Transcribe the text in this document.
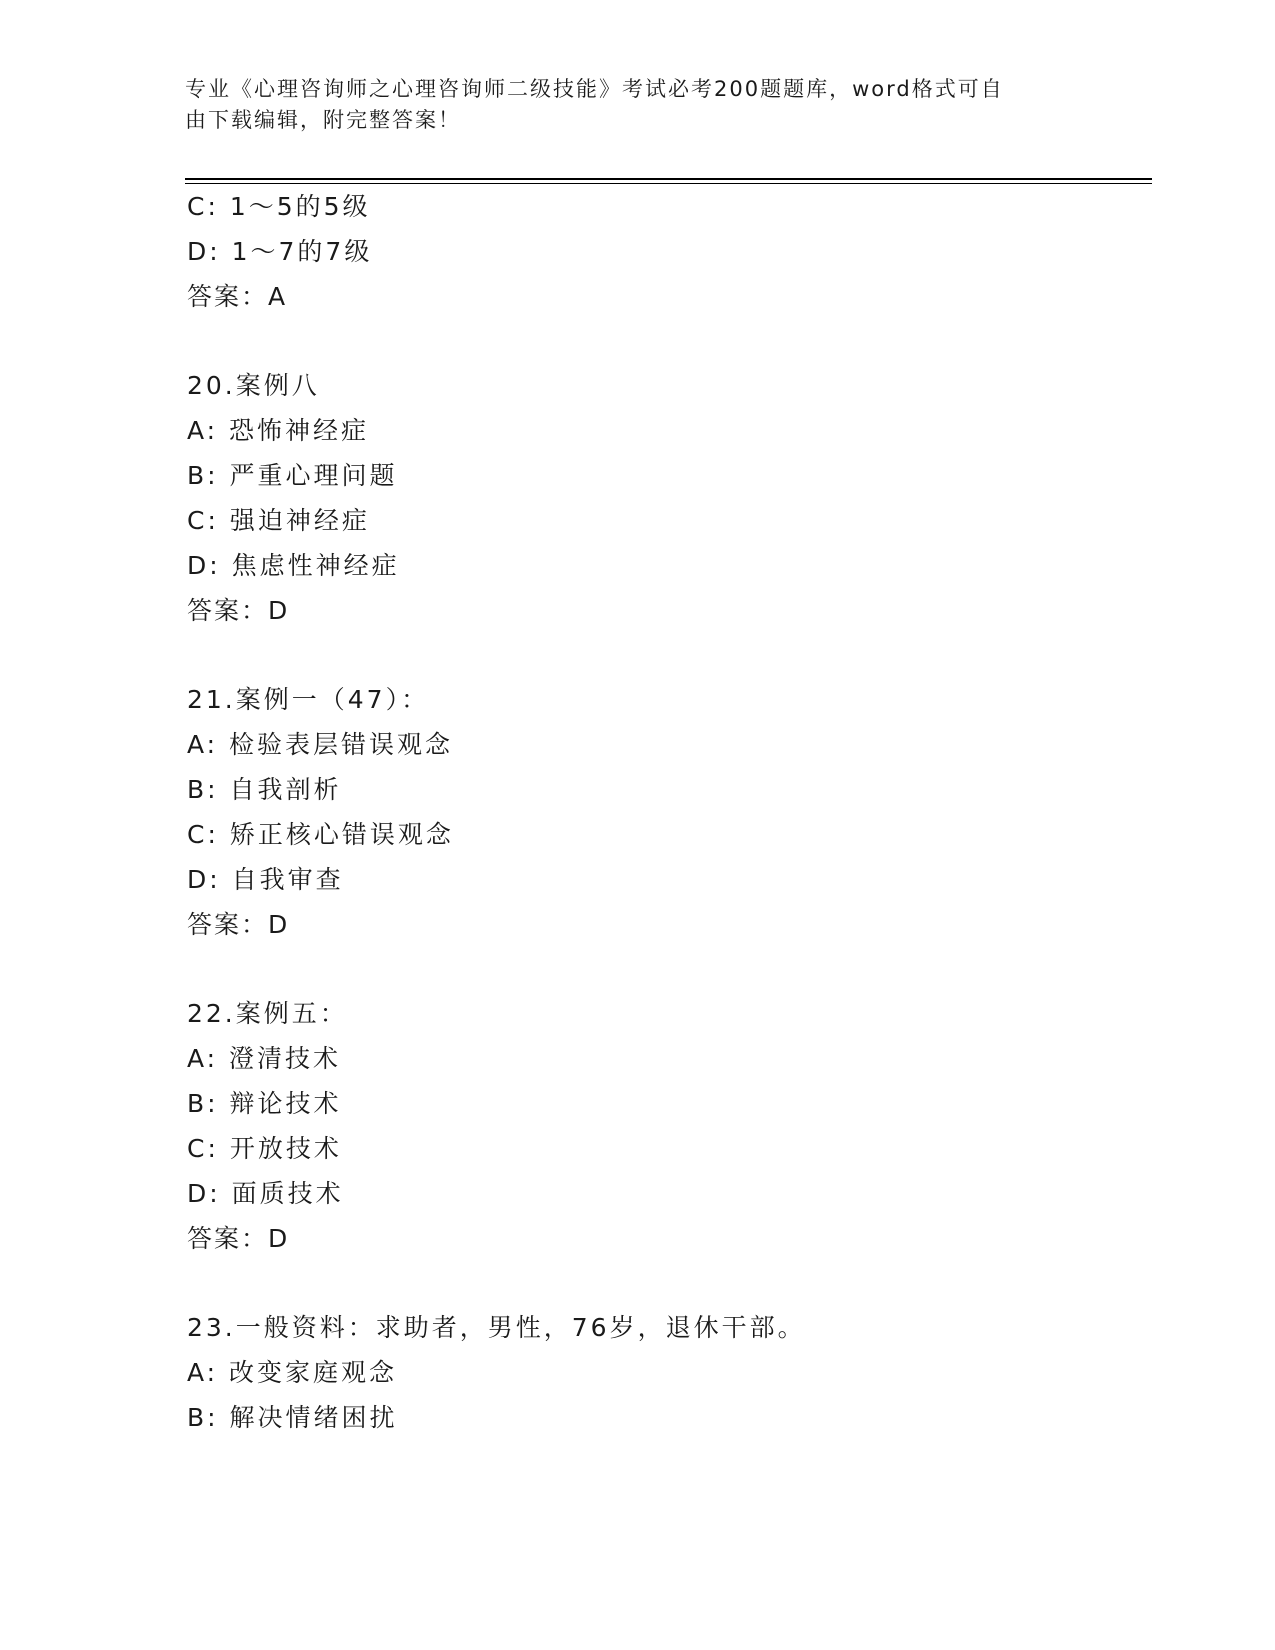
专业《心理咨询师之心理咨询师二级技能》考试必考200题题库，word格式可自
由下载编辑，附完整答案！
C: 1～5的5级
D: 1～7的7级
答案：A
20.案例八
A: 恐怖神经症
B: 严重心理问题
C: 强迫神经症
D: 焦虑性神经症
答案：D
21.案例一（47）：
A: 检验表层错误观念
B: 自我剖析
C: 矫正核心错误观念
D: 自我审查
答案：D
22.案例五：
A: 澄清技术
B: 辩论技术
C: 开放技术
D: 面质技术
答案：D
23.一般资料：求助者，男性，76岁，退休干部。
A: 改变家庭观念
B: 解决情绪困扰
